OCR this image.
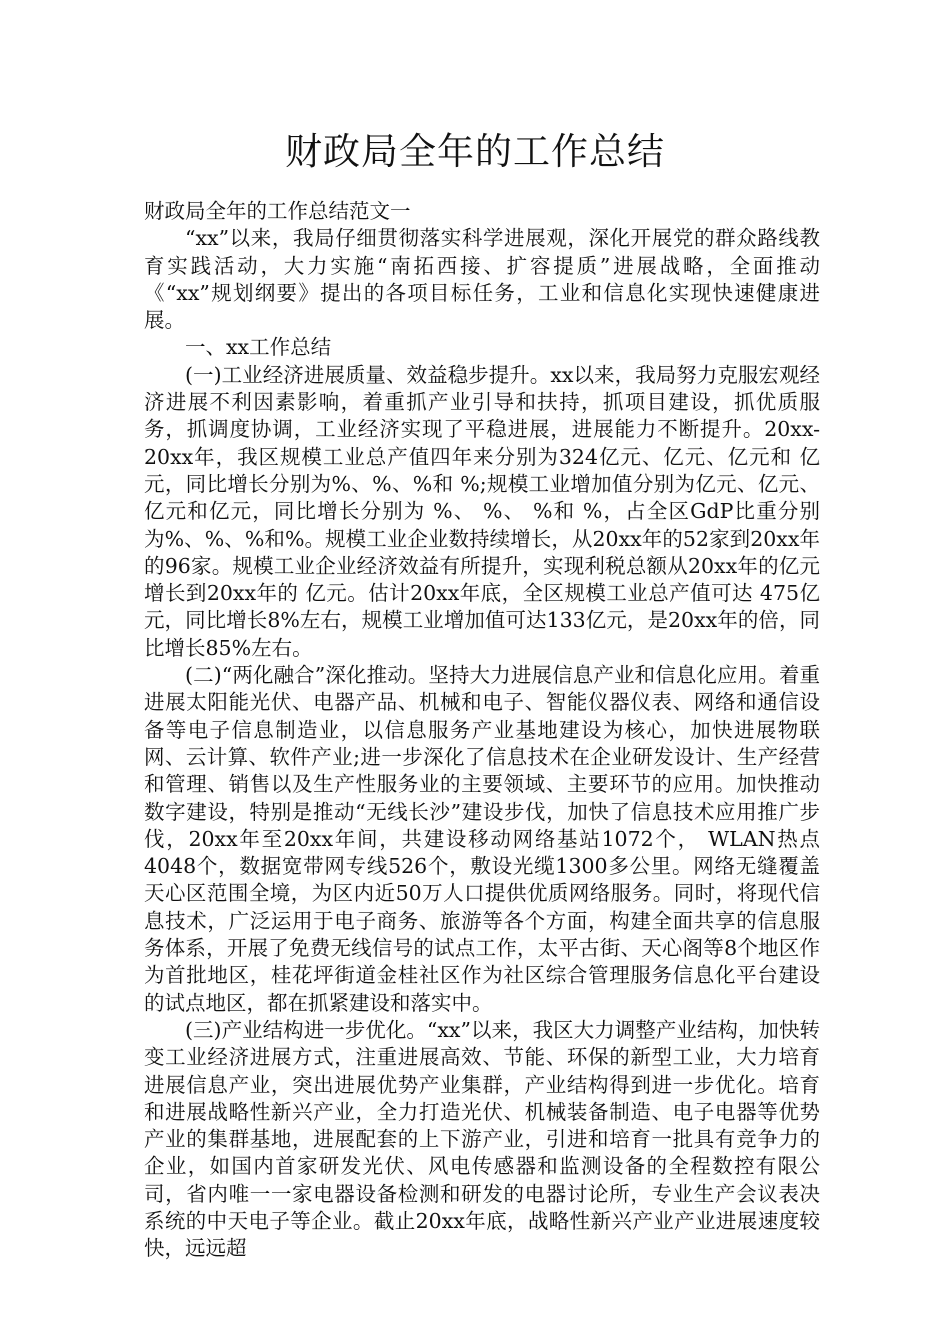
财政局全年的工作总结

财政局全年的工作总结范文一

“xx”以来，我局仔细贯彻落实科学进展观，深化开展党的群众路线教育实践活动，大力实施“南拓西接、扩容提质”进展战略，全面推动《“xx”规划纲要》提出的各项目标任务，工业和信息化实现快速健康进展。

一、xx工作总结

(一)工业经济进展质量、效益稳步提升。xx以来，我局努力克服宏观经济进展不利因素影响，着重抓产业引导和扶持，抓项目建设，抓优质服务，抓调度协调，工业经济实现了平稳进展，进展能力不断提升。20xx-20xx年，我区规模工业总产值四年来分别为324亿元、亿元、亿元和 亿元，同比增长分别为%、%、%和 %;规模工业增加值分别为亿元、亿元、亿元和亿元，同比增长分别为 %、 %、 %和 %，占全区GdP比重分别为%、%、%和%。规模工业企业数持续增长，从20xx年的52家到20xx年的96家。规模工业企业经济效益有所提升，实现利税总额从20xx年的亿元增长到20xx年的 亿元。估计20xx年底，全区规模工业总产值可达 475亿元，同比增长8%左右，规模工业增加值可达133亿元，是20xx年的倍，同比增长85%左右。

(二)“两化融合”深化推动。坚持大力进展信息产业和信息化应用。着重进展太阳能光伏、电器产品、机械和电子、智能仪器仪表、网络和通信设备等电子信息制造业，以信息服务产业基地建设为核心，加快进展物联网、云计算、软件产业;进一步深化了信息技术在企业研发设计、生产经营和管理、销售以及生产性服务业的主要领域、主要环节的应用。加快推动数字建设，特别是推动“无线长沙”建设步伐，加快了信息技术应用推广步伐，20xx年至20xx年间，共建设移动网络基站1072个， WLAN热点4048个，数据宽带网专线526个，敷设光缆1300多公里。网络无缝覆盖天心区范围全境，为区内近50万人口提供优质网络服务。同时，将现代信息技术，广泛运用于电子商务、旅游等各个方面，构建全面共享的信息服务体系，开展了免费无线信号的试点工作，太平古街、天心阁等8个地区作为首批地区，桂花坪街道金桂社区作为社区综合管理服务信息化平台建设的试点地区，都在抓紧建设和落实中。

(三)产业结构进一步优化。“xx”以来，我区大力调整产业结构，加快转变工业经济进展方式，注重进展高效、节能、环保的新型工业，大力培育进展信息产业，突出进展优势产业集群，产业结构得到进一步优化。培育和进展战略性新兴产业，全力打造光伏、机械装备制造、电子电器等优势产业的集群基地，进展配套的上下游产业，引进和培育一批具有竞争力的企业，如国内首家研发光伏、风电传感器和监测设备的全程数控有限公司，省内唯一一家电器设备检测和研发的电器讨论所，专业生产会议表决系统的中天电子等企业。截止20xx年底，战略性新兴产业产业进展速度较快，远远超
